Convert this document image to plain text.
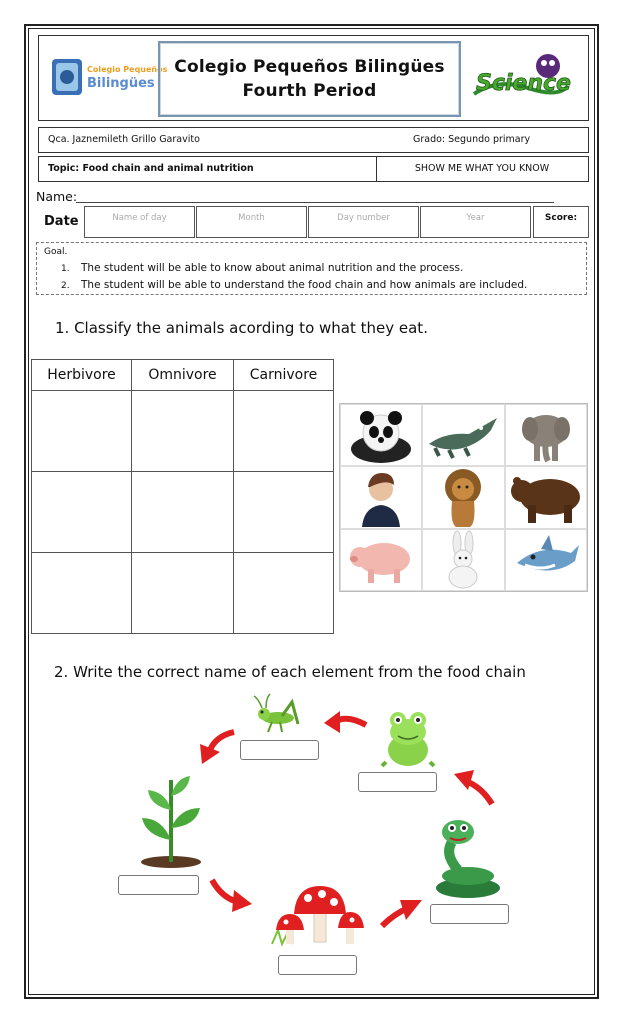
Colegio Pequeños
Bilingües
Colegio Pequeños Bilingües
Fourth Period	Science
Qca. Jaznemileth Grillo Garavito	Grado: Segundo primary
Topic: Food chain and animal nutrition	SHOW ME WHAT YOU KNOW
Name:
Date	Name of day	Month	Day number	Year	Score:
Goal.
1. The student will be able to know about animal nutrition and the process.
2. The student will be able to understand the food chain and how animals are included.
1. Classify the animals acording to what they eat.
Herbivore	Omnivore	Carnivore

2. Write the correct name of each element from the food chain
